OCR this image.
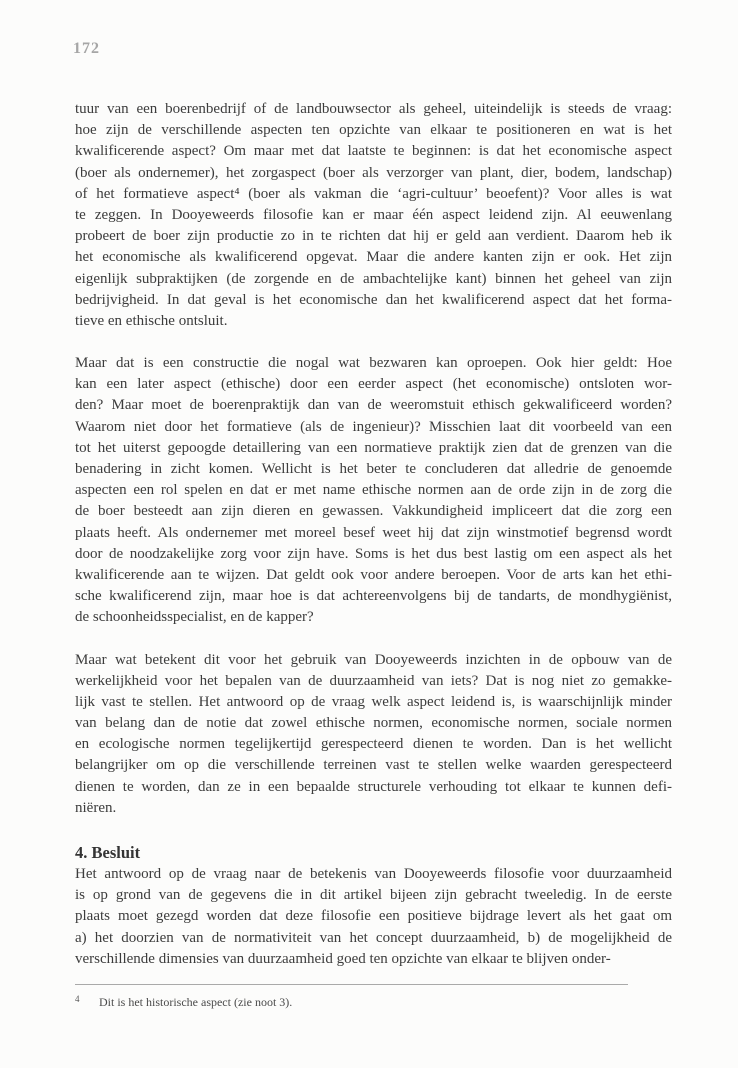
172
tuur van een boerenbedrijf of de landbouwsector als geheel, uiteindelijk is steeds de vraag:
hoe zijn de verschillende aspecten ten opzichte van elkaar te positioneren en wat is het
kwalificerende aspect? Om maar met dat laatste te beginnen: is dat het economische aspect
(boer als ondernemer), het zorgaspect (boer als verzorger van plant, dier, bodem, landschap)
of het formatieve aspect⁴ (boer als vakman die ‘agri-cultuur’ beoefent)? Voor alles is wat
te zeggen. In Dooyeweerds filosofie kan er maar één aspect leidend zijn. Al eeuwenlang
probeert de boer zijn productie zo in te richten dat hij er geld aan verdient. Daarom heb ik
het economische als kwalificerend opgevat. Maar die andere kanten zijn er ook. Het zijn
eigenlijk subpraktijken (de zorgende en de ambachtelijke kant) binnen het geheel van zijn
bedrijvigheid. In dat geval is het economische dan het kwalificerend aspect dat het forma-
tieve en ethische ontsluit.
Maar dat is een constructie die nogal wat bezwaren kan oproepen. Ook hier geldt: Hoe
kan een later aspect (ethische) door een eerder aspect (het economische) ontsloten wor-
den? Maar moet de boerenpraktijk dan van de weeromstuit ethisch gekwalificeerd worden?
Waarom niet door het formatieve (als de ingenieur)? Misschien laat dit voorbeeld van een
tot het uiterst gepoogde detaillering van een normatieve praktijk zien dat de grenzen van die
benadering in zicht komen. Wellicht is het beter te concluderen dat alledrie de genoemde
aspecten een rol spelen en dat er met name ethische normen aan de orde zijn in de zorg die
de boer besteedt aan zijn dieren en gewassen. Vakkundigheid impliceert dat die zorg een
plaats heeft. Als ondernemer met moreel besef weet hij dat zijn winstmotief begrensd wordt
door de noodzakelijke zorg voor zijn have. Soms is het dus best lastig om een aspect als het
kwalificerende aan te wijzen. Dat geldt ook voor andere beroepen. Voor de arts kan het ethi-
sche kwalificerend zijn, maar hoe is dat achtereenvolgens bij de tandarts, de mondhygiënist,
de schoonheidsspecialist, en de kapper?
Maar wat betekent dit voor het gebruik van Dooyeweerds inzichten in de opbouw van de
werkelijkheid voor het bepalen van de duurzaamheid van iets? Dat is nog niet zo gemakke-
lijk vast te stellen. Het antwoord op de vraag welk aspect leidend is, is waarschijnlijk minder
van belang dan de notie dat zowel ethische normen, economische normen, sociale normen
en ecologische normen tegelijkertijd gerespecteerd dienen te worden. Dan is het wellicht
belangrijker om op die verschillende terreinen vast te stellen welke waarden gerespecteerd
dienen te worden, dan ze in een bepaalde structurele verhouding tot elkaar te kunnen defi-
niëren.
4. Besluit
Het antwoord op de vraag naar de betekenis van Dooyeweerds filosofie voor duurzaamheid
is op grond van de gegevens die in dit artikel bijeen zijn gebracht tweeledig. In de eerste
plaats moet gezegd worden dat deze filosofie een positieve bijdrage levert als het gaat om
a) het doorzien van de normativiteit van het concept duurzaamheid, b) de mogelijkheid de
verschillende dimensies van duurzaamheid goed ten opzichte van elkaar te blijven onder-
4 Dit is het historische aspect (zie noot 3).
